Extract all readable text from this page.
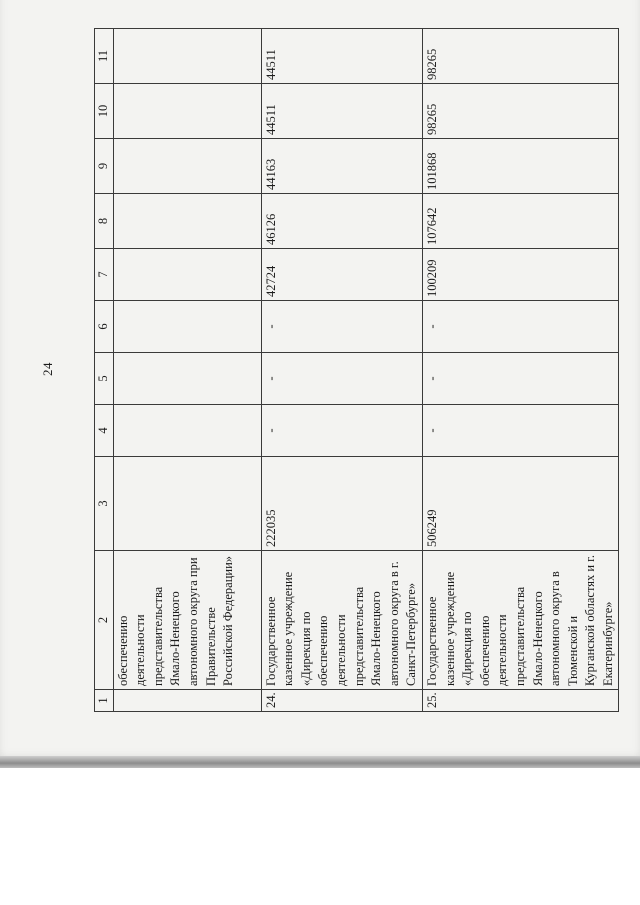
24
1	2	3	4	5	6	7	8	9	10	11
	обеспечению деятельности представительства Ямало-Ненецкого автономного округа при Правительстве Российской Федерации»									
24.	Государственное казенное учреждение «Дирекция по обеспечению деятельности представительства Ямало-Ненецкого автономного округа в г. Санкт-Петербурге»	222035	-	-	-	42724	46126	44163	44511	44511
25.	Государственное казенное учреждение «Дирекция по обеспечению деятельности представительства Ямало-Ненецкого автономного округа в Тюменской и Курганской областях и г. Екатеринбурге»	506249	-	-	-	100209	107642	101868	98265	98265
